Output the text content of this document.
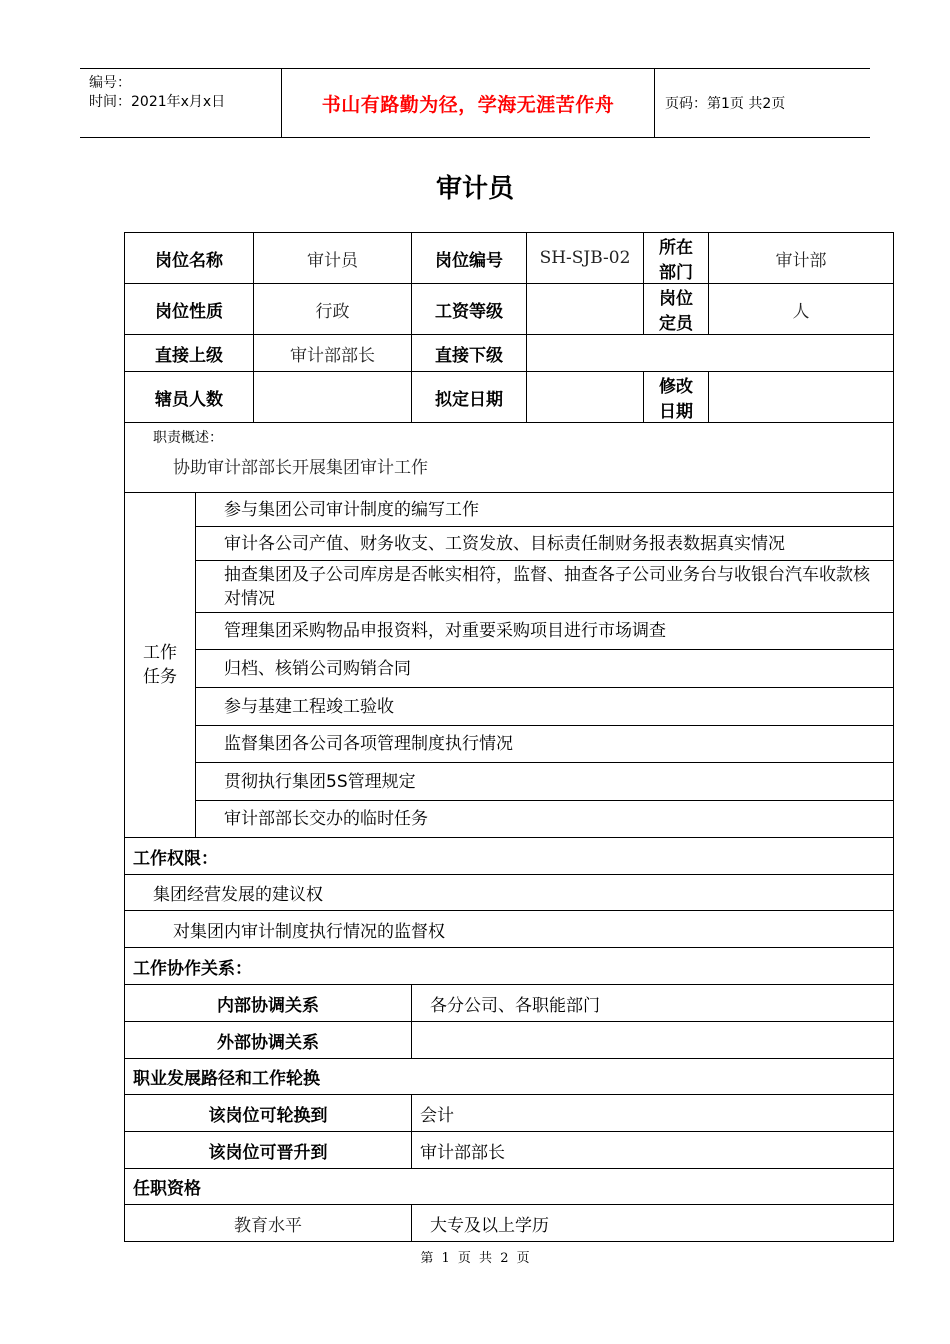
编号：
时间：2021年x月x日	书山有路勤为径，学海无涯苦作舟	页码：第1页 共2页
审计员
岗位名称		审计员	岗位编号	SH-SJB-02	所在部门	审计部
岗位性质		行政	工资等级		岗位定员	人
直接上级		审计部部长	直接下级			
辖员人数			拟定日期		修改日期	

职责概述：
协助审计部部长开展集团审计工作						

工作
任务	参与集团公司审计制度的编写工作					
	审计各公司产值、财务收支、工资发放、目标责任制财务报表数据真实情况					
	抽查集团及子公司库房是否帐实相符，监督、抽查各子公司业务台与收银台汽车收款核对情况					
	管理集团采购物品申报资料，对重要采购项目进行市场调查					
	归档、核销公司购销合同					
	参与基建工程竣工验收					
	监督集团各公司各项管理制度执行情况					
	贯彻执行集团5S管理规定					
	审计部部长交办的临时任务					
工作权限：						
集团经营发展的建议权						
对集团内审计制度执行情况的监督权						
工作协作关系：						
内部协调关系			各分公司、各职能部门			
外部协调关系						
职业发展路径和工作轮换						
该岗位可轮换到			会计			
该岗位可晋升到			审计部部长			
任职资格						
教育水平			大专及以上学历			
第 1 页 共 2 页
